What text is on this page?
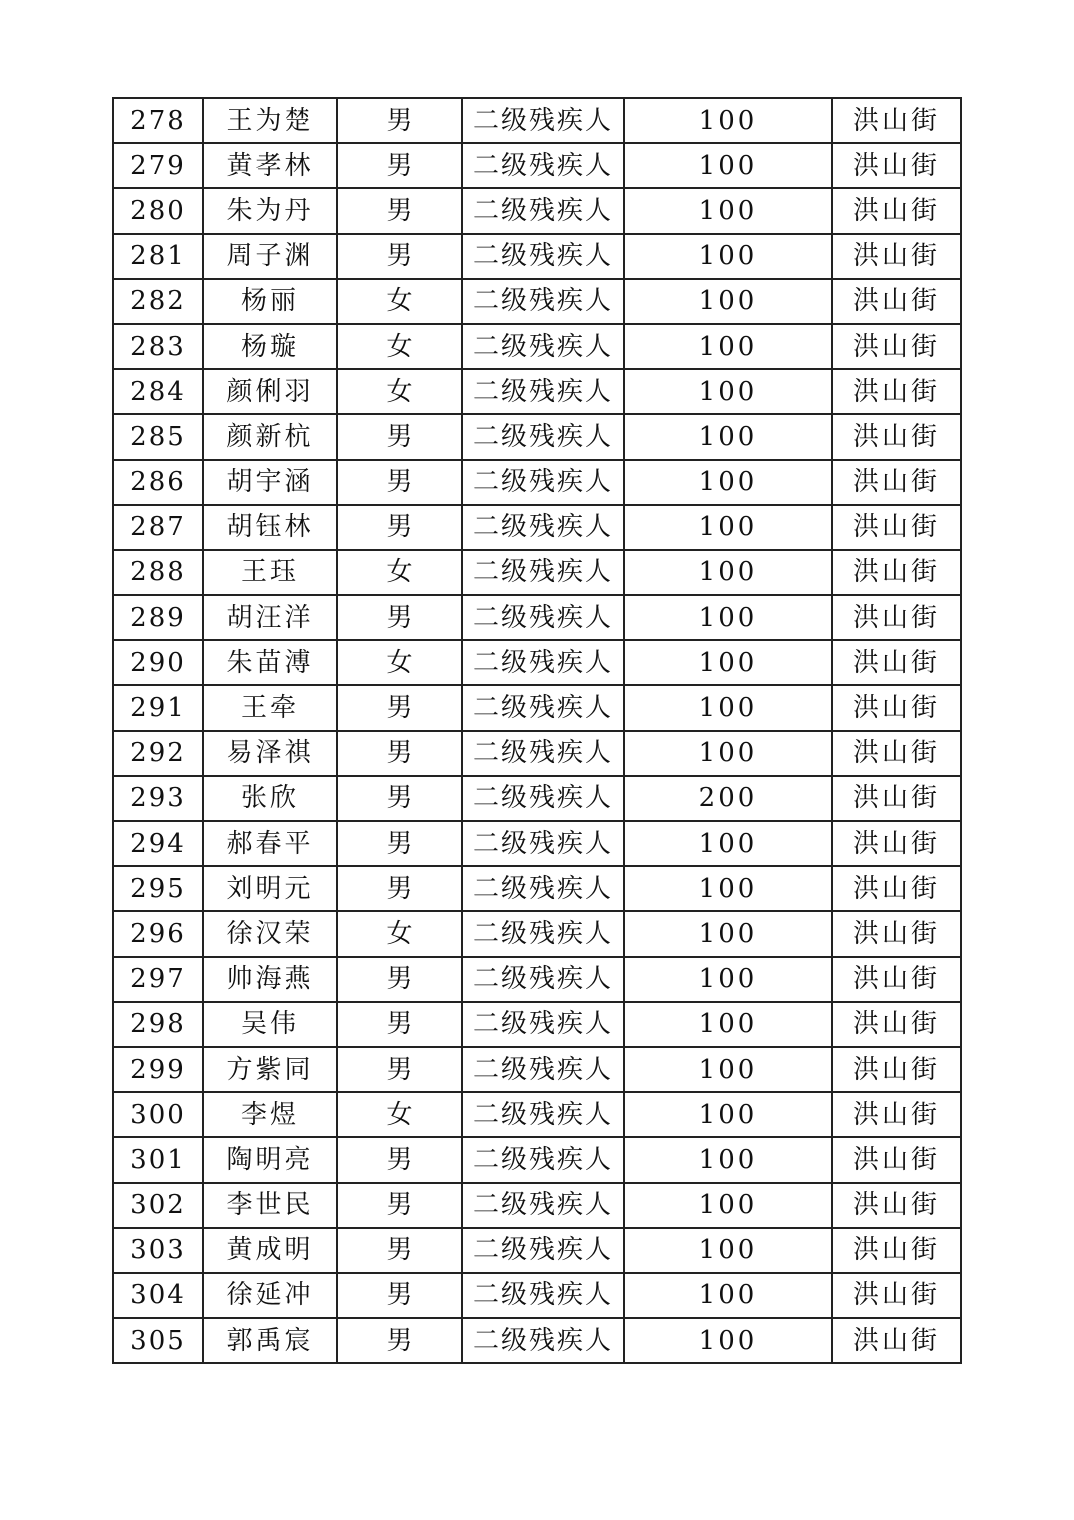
278	王为楚	男	二级残疾人	100	洪山街
279	黄孝林	男	二级残疾人	100	洪山街
280	朱为丹	男	二级残疾人	100	洪山街
281	周子渊	男	二级残疾人	100	洪山街
282	杨丽	女	二级残疾人	100	洪山街
283	杨璇	女	二级残疾人	100	洪山街
284	颜俐羽	女	二级残疾人	100	洪山街
285	颜新杭	男	二级残疾人	100	洪山街
286	胡宇涵	男	二级残疾人	100	洪山街
287	胡钰林	男	二级残疾人	100	洪山街
288	王珏	女	二级残疾人	100	洪山街
289	胡汪洋	男	二级残疾人	100	洪山街
290	朱苗溥	女	二级残疾人	100	洪山街
291	王牵	男	二级残疾人	100	洪山街
292	易泽祺	男	二级残疾人	100	洪山街
293	张欣	男	二级残疾人	200	洪山街
294	郝春平	男	二级残疾人	100	洪山街
295	刘明元	男	二级残疾人	100	洪山街
296	徐汉荣	女	二级残疾人	100	洪山街
297	帅海燕	男	二级残疾人	100	洪山街
298	吴伟	男	二级残疾人	100	洪山街
299	方紫同	男	二级残疾人	100	洪山街
300	李煜	女	二级残疾人	100	洪山街
301	陶明亮	男	二级残疾人	100	洪山街
302	李世民	男	二级残疾人	100	洪山街
303	黄成明	男	二级残疾人	100	洪山街
304	徐延冲	男	二级残疾人	100	洪山街
305	郭禹宸	男	二级残疾人	100	洪山街
